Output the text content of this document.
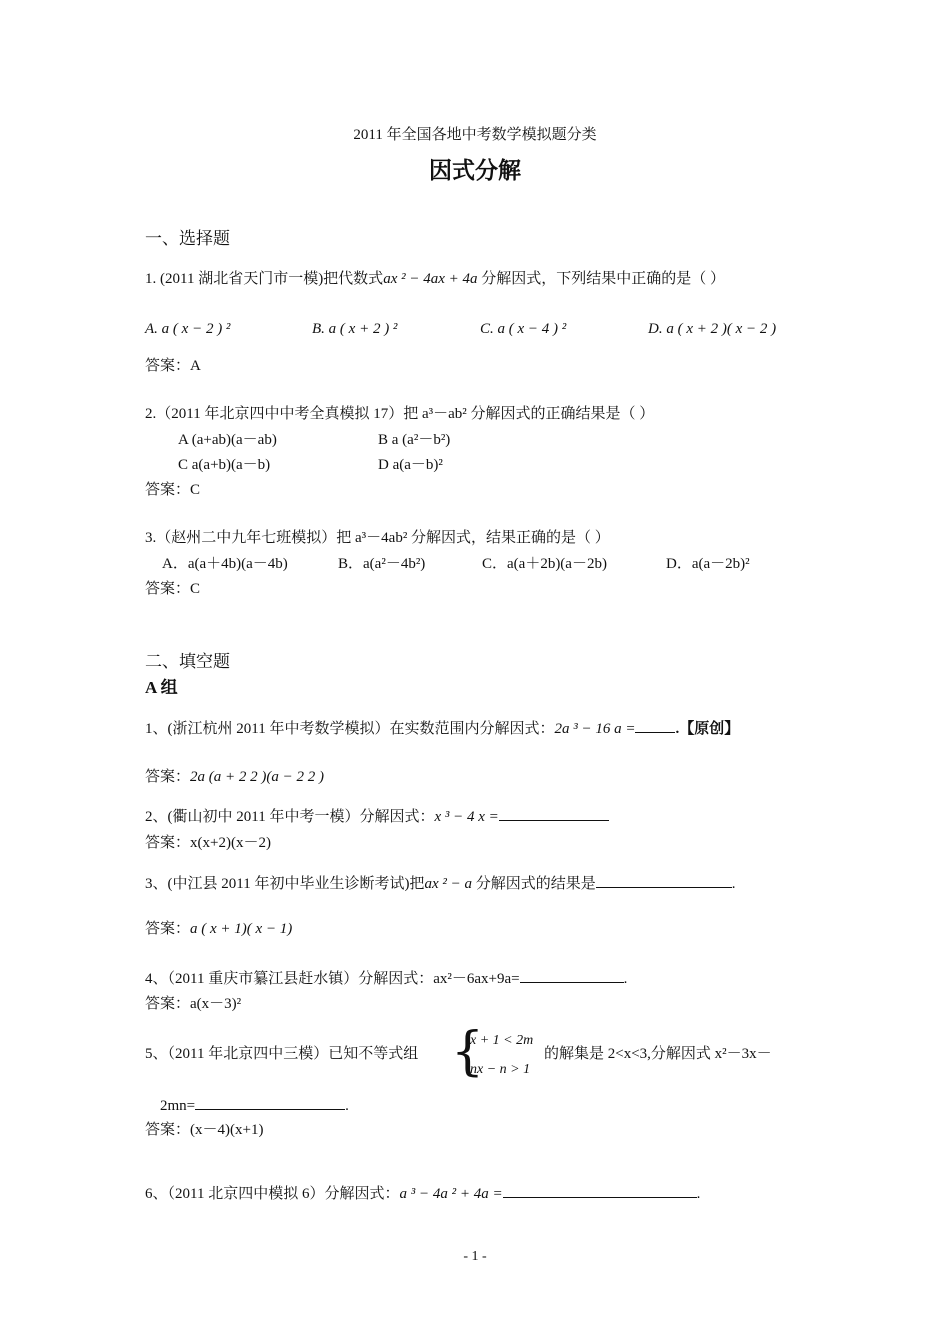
2011 年全国各地中考数学模拟题分类
因式分解
一、选择题
1. (2011 湖北省天门市一模)把代数式ax ² − 4ax + 4a 分解因式，下列结果中正确的是（ ）
A. a ( x − 2 ) ²	B. a ( x + 2 ) ²	C. a ( x − 4 ) ²	D. a ( x + 2 )( x − 2 )
答案：A
2.（2011 年北京四中中考全真模拟 17）把 a³－ab² 分解因式的正确结果是（ ）
A (a+ab)(a－ab)	B a (a²－b²)
C a(a+b)(a－b)	D a(a－b)²
答案：C
3.（赵州二中九年七班模拟）把 a³－4ab² 分解因式，结果正确的是（ ）
A．a(a＋4b)(a－4b)	B．a(a²－4b²)	C．a(a＋2b)(a－2b)	D．a(a－2b)²
答案：C
二、填空题
A 组
1、(浙江杭州 2011 年中考数学模拟）在实数范围内分解因式：2a ³ − 16 a =	.【原创】
答案：2a (a + 2 2 )(a − 2 2 )
2、(衢山初中 2011 年中考一模）分解因式：x ³ − 4 x =
答案：x(x+2)(x－2)
3、(中江县 2011 年初中毕业生诊断考试)把ax ² − a 分解因式的结果是	.
答案：a ( x + 1)( x − 1)
4、（2011 重庆市纂江县赶水镇）分解因式：ax²－6ax+9a=	.
答案：a(x－3)²
5、（2011 年北京四中三模）已知不等式组 {
x + 1 < 2m
nx − n > 1
的解集是 2<x<3,分解因式 x²－3x－
2mn=	.
答案：(x－4)(x+1)
6、（2011 北京四中模拟 6）分解因式：a ³ − 4a ² + 4a =	.
- 1 -
